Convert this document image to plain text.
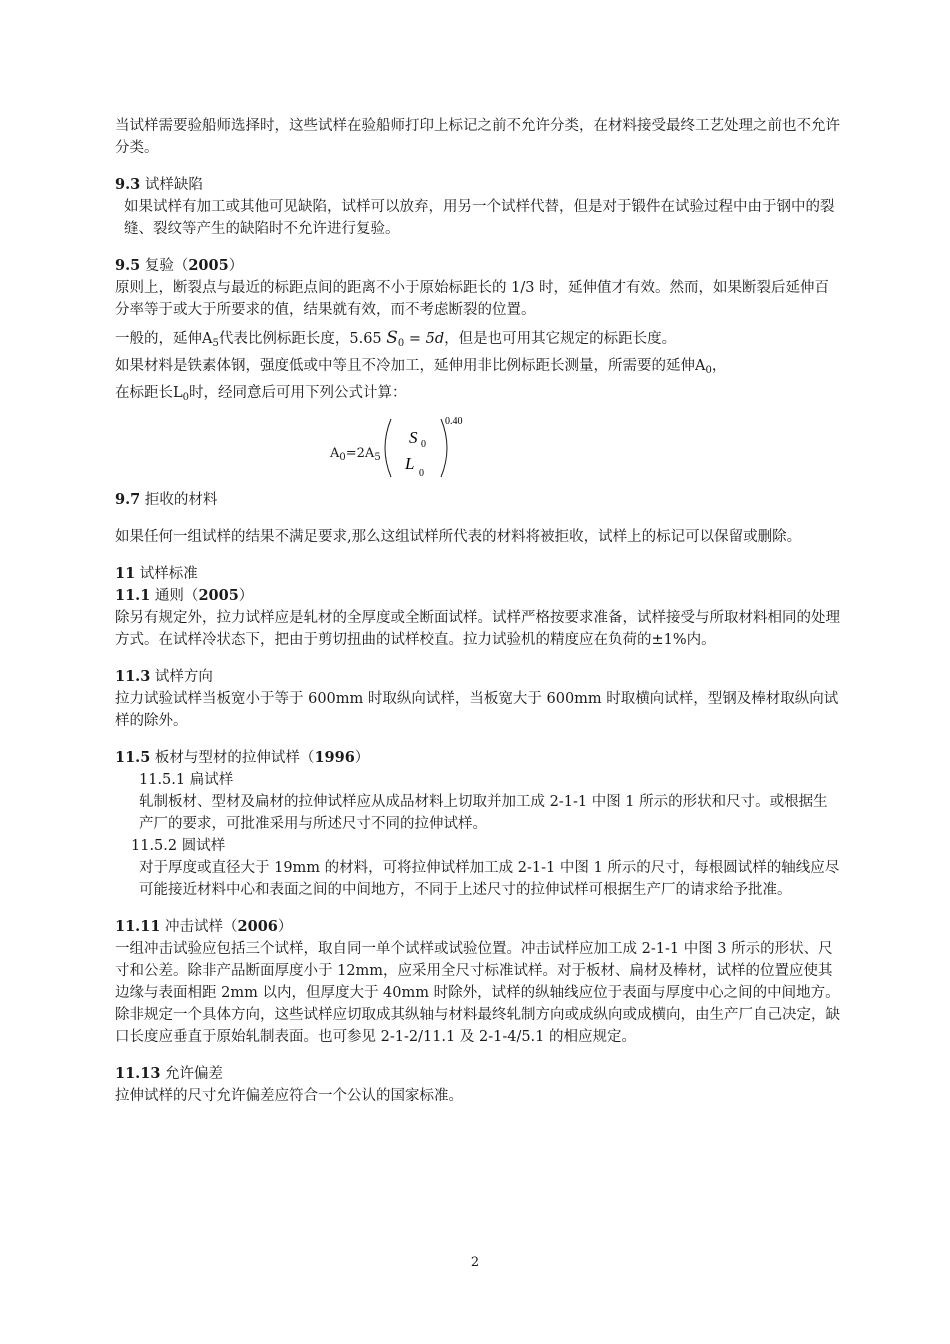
当试样需要验船师选择时，这些试样在验船师打印上标记之前不允许分类，在材料接受最终工艺处理之前也不允许分类。

9.3 试样缺陷

如果试样有加工或其他可见缺陷，试样可以放弃，用另一个试样代替，但是对于锻件在试验过程中由于钢中的裂缝、裂纹等产生的缺陷时不允许进行复验。

9.5 复验（2005）

原则上，断裂点与最近的标距点间的距离不小于原始标距长的 1/3 时，延伸值才有效。然而，如果断裂后延伸百分率等于或大于所要求的值，结果就有效，而不考虑断裂的位置。

一般的，延伸$A_5$代表比例标距长度，5.65 $S_0 = 5d$，但是也可用其它规定的标距长度。

如果材料是铁素体钢，强度低或中等且不冷加工，延伸用非比例标距长测量，所需要的延伸$A_0$，

在标距长$L_0$时，经同意后可用下列公式计算：

$A_0=2A_5$
S 0
L
0
0.40

9.7 拒收的材料

如果任何一组试样的结果不满足要求,那么这组试样所代表的材料将被拒收，试样上的标记可以保留或删除。

11 试样标准

11.1 通则（2005）

除另有规定外，拉力试样应是轧材的全厚度或全断面试样。试样严格按要求准备，试样接受与所取材料相同的处理方式。在试样冷状态下，把由于剪切扭曲的试样校直。拉力试验机的精度应在负荷的±1%内。

11.3 试样方向

拉力试验试样当板宽小于等于 600mm 时取纵向试样，当板宽大于 600mm 时取横向试样，型钢及棒材取纵向试样的除外。

11.5 板材与型材的拉伸试样（1996）

11.5.1 扁试样

轧制板材、型材及扁材的拉伸试样应从成品材料上切取并加工成 2-1-1 中图 1 所示的形状和尺寸。或根据生产厂的要求，可批准采用与所述尺寸不同的拉伸试样。

11.5.2 圆试样

对于厚度或直径大于 19mm 的材料，可将拉伸试样加工成 2-1-1 中图 1 所示的尺寸，每根圆试样的轴线应尽可能接近材料中心和表面之间的中间地方，不同于上述尺寸的拉伸试样可根据生产厂的请求给予批准。

11.11 冲击试样（2006）

一组冲击试验应包括三个试样，取自同一单个试样或试验位置。冲击试样应加工成 2-1-1 中图 3 所示的形状、尺寸和公差。除非产品断面厚度小于 12mm，应采用全尺寸标准试样。对于板材、扁材及棒材，试样的位置应使其边缘与表面相距 2mm 以内，但厚度大于 40mm 时除外，试样的纵轴线应位于表面与厚度中心之间的中间地方。除非规定一个具体方向，这些试样应切取成其纵轴与材料最终轧制方向或成纵向或成横向，由生产厂自己决定，缺口长度应垂直于原始轧制表面。也可参见 2-1-2/11.1 及 2-1-4/5.1 的相应规定。

11.13 允许偏差

拉伸试样的尺寸允许偏差应符合一个公认的国家标准。

2
